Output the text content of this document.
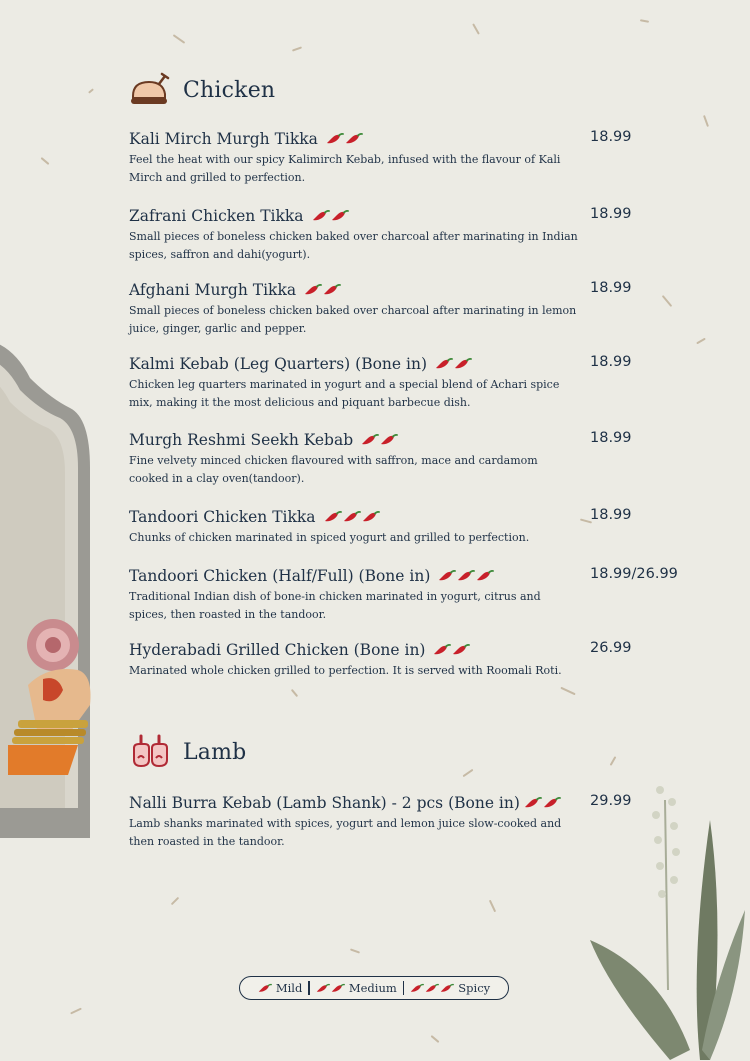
Chicken
Kali Mirch Murgh Tikka
Feel the heat with our spicy Kalimirch Kebab, infused with the flavour of Kali Mirch and grilled to perfection.
18.99
Zafrani Chicken Tikka
Small pieces of boneless chicken baked over charcoal after marinating in Indian spices, saffron and dahi(yogurt).
18.99
Afghani Murgh Tikka
Small pieces of boneless chicken baked over charcoal after marinating in lemon juice, ginger, garlic and pepper.
18.99
Kalmi Kebab (Leg Quarters) (Bone in)
Chicken leg quarters marinated in yogurt and a special blend of Achari spice mix, making it the most delicious and piquant barbecue dish.
18.99
Murgh Reshmi Seekh Kebab
Fine velvety minced chicken flavoured with saffron, mace and cardamom cooked in a clay oven(tandoor).
18.99
Tandoori Chicken Tikka
Chunks of chicken marinated in spiced yogurt and grilled to perfection.
18.99
Tandoori Chicken (Half/Full) (Bone in)
Traditional Indian dish of bone-in chicken marinated in yogurt, citrus and spices, then roasted in the tandoor.
18.99/26.99
Hyderabadi Grilled Chicken (Bone in)
Marinated whole chicken grilled to perfection. It is served with Roomali Roti.
26.99
Lamb
Nalli Burra Kebab (Lamb Shank) - 2 pcs (Bone in)
Lamb shanks marinated with spices, yogurt and lemon juice slow-cooked and then roasted in the tandoor.
29.99
Mild	Medium	Spicy
